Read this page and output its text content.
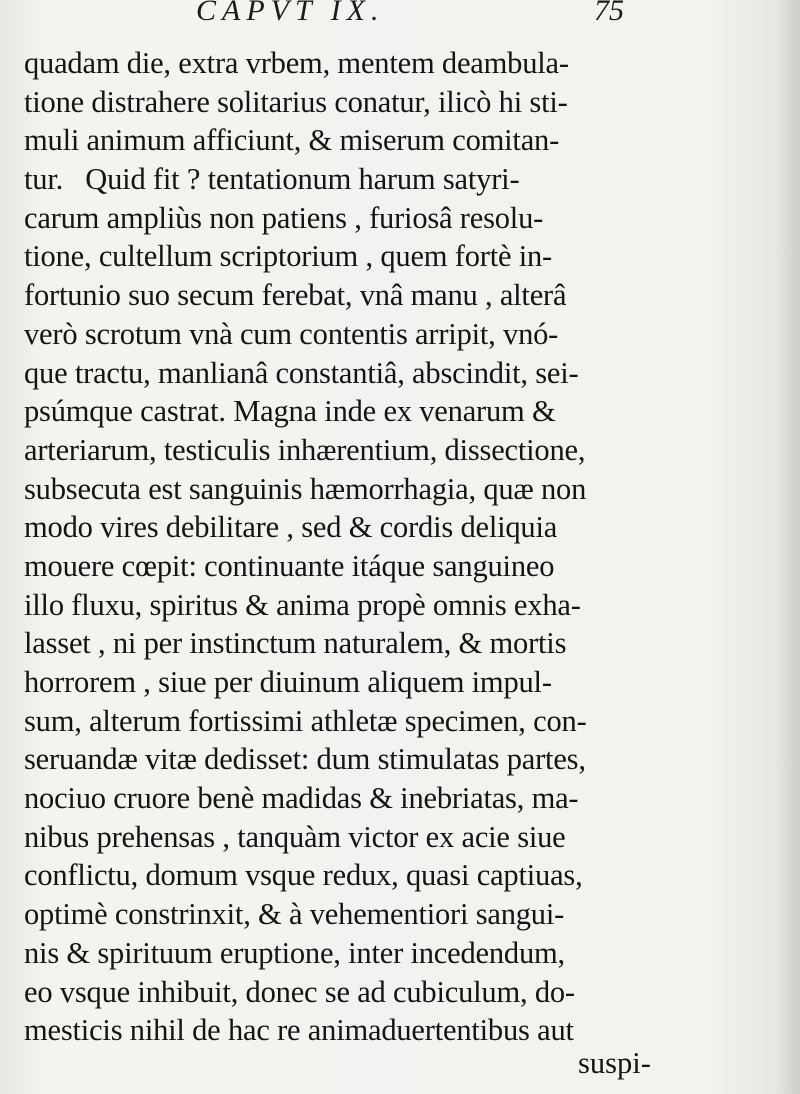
CAPVT IX.	75
quadam die, extra vrbem, mentem deambula-
tione distrahere solitarius conatur, ilicò hi sti-
muli animum afficiunt, & miserum comitan-
tur.   Quid fit ? tentationum harum satyri-
carum ampliùs non patiens , furiosâ resolu-
tione, cultellum scriptorium , quem fortè in-
fortunio suo secum ferebat, vnâ manu , alterâ
verò scrotum vnà cum contentis arripit, vnó-
que tractu, manlianâ constantiâ, abscindit, sei-
psúmque castrat. Magna inde ex venarum &
arteriarum, testiculis inhærentium, dissectione,
subsecuta est sanguinis hæmorrhagia, quæ non
modo vires debilitare , sed & cordis deliquia
mouere cœpit: continuante itáque sanguineo
illo fluxu, spiritus & anima propè omnis exha-
lasset , ni per instinctum naturalem, & mortis
horrorem , siue per diuinum aliquem impul-
sum, alterum fortissimi athletæ specimen, con-
seruandæ vitæ dedisset: dum stimulatas partes,
nociuo cruore benè madidas & inebriatas, ma-
nibus prehensas , tanquàm victor ex acie siue
conflictu, domum vsque redux, quasi captiuas,
optimè constrinxit, & à vehementiori sangui-
nis & spirituum eruptione, inter incedendum,
eo vsque inhibuit, donec se ad cubiculum, do-
mesticis nihil de hac re animaduertentibus aut
suspi-
